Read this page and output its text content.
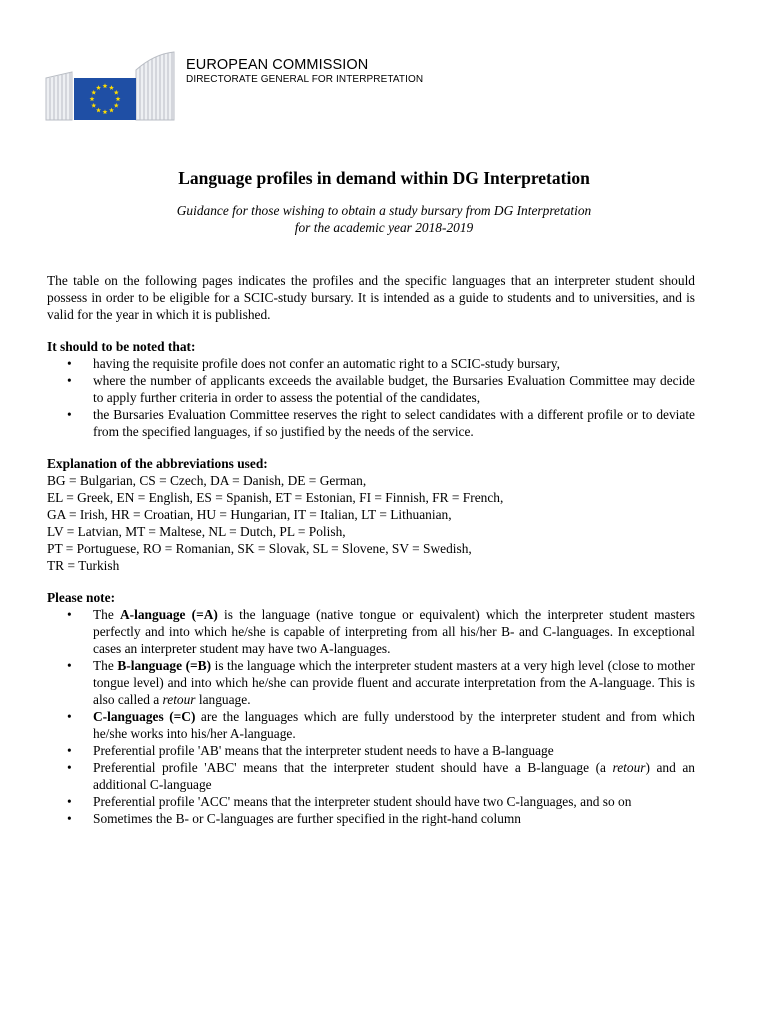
EUROPEAN COMMISSION
DIRECTORATE GENERAL FOR INTERPRETATION
Language profiles in demand within DG Interpretation
Guidance for those wishing to obtain a study bursary from DG Interpretation
for the academic year 2018-2019

The table on the following pages indicates the profiles and the specific languages that an interpreter student should possess in order to be eligible for a SCIC-study bursary. It is intended as a guide to students and to universities, and is valid for the year in which it is published.

It should to be noted that:

• having the requisite profile does not confer an automatic right to a SCIC-study bursary,
• where the number of applicants exceeds the available budget, the Bursaries Evaluation Committee may decide to apply further criteria in order to assess the potential of the candidates,
• the Bursaries Evaluation Committee reserves the right to select candidates with a different profile or to deviate from the specified languages, if so justified by the needs of the service.

Explanation of the abbreviations used:

BG = Bulgarian, CS = Czech, DA = Danish, DE = German,
EL = Greek, EN = English, ES = Spanish, ET = Estonian, FI = Finnish, FR = French,
GA = Irish, HR = Croatian, HU = Hungarian, IT = Italian, LT = Lithuanian,
LV = Latvian, MT = Maltese, NL = Dutch, PL = Polish,
PT = Portuguese, RO = Romanian, SK = Slovak, SL = Slovene, SV = Swedish,
TR = Turkish

Please note:

• The A-language (=A) is the language (native tongue or equivalent) which the interpreter student masters perfectly and into which he/she is capable of interpreting from all his/her B- and C-languages. In exceptional cases an interpreter student may have two A-languages.
• The B-language (=B) is the language which the interpreter student masters at a very high level (close to mother tongue level) and into which he/she can provide fluent and accurate interpretation from the A-language. This is also called a retour language.
• C-languages (=C) are the languages which are fully understood by the interpreter student and from which he/she works into his/her A-language.
• Preferential profile 'AB' means that the interpreter student needs to have a B-language
• Preferential profile 'ABC' means that the interpreter student should have a B-language (a retour) and an additional C-language
• Preferential profile 'ACC' means that the interpreter student should have two C-languages, and so on
• Sometimes the B- or C-languages are further specified in the right-hand column
